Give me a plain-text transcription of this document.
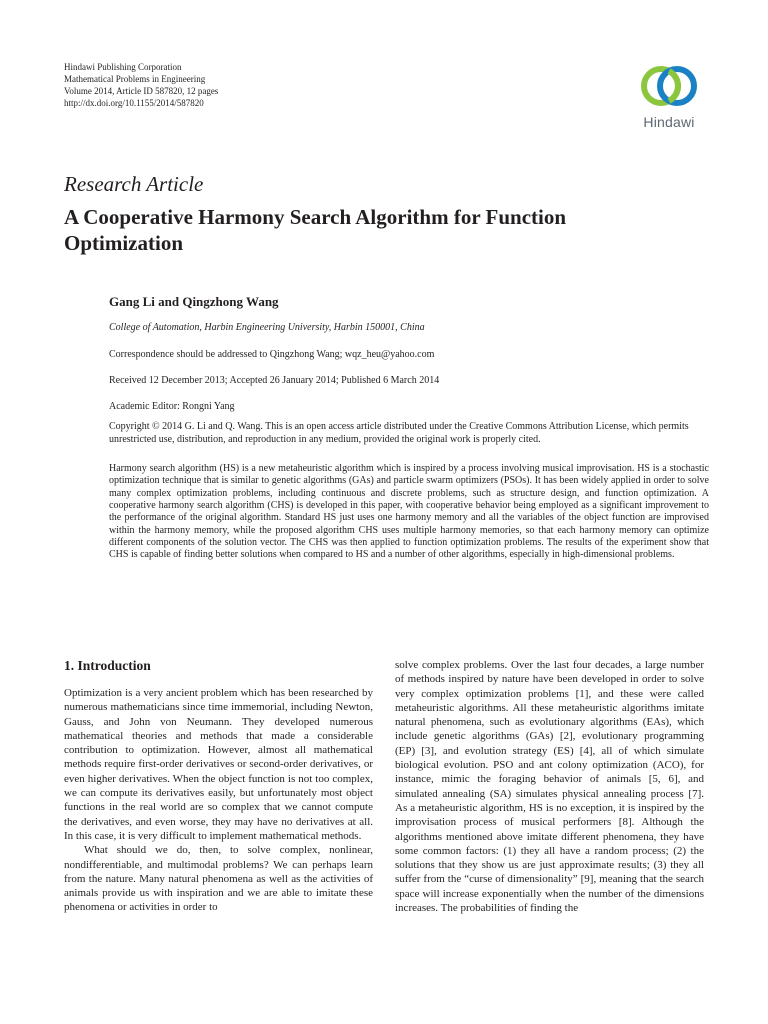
Hindawi Publishing Corporation
Mathematical Problems in Engineering
Volume 2014, Article ID 587820, 12 pages
http://dx.doi.org/10.1155/2014/587820
Hindawi
Research Article
A Cooperative Harmony Search Algorithm for Function Optimization
Gang Li and Qingzhong Wang
College of Automation, Harbin Engineering University, Harbin 150001, China
Correspondence should be addressed to Qingzhong Wang; wqz_heu@yahoo.com
Received 12 December 2013; Accepted 26 January 2014; Published 6 March 2014
Academic Editor: Rongni Yang

Copyright © 2014 G. Li and Q. Wang. This is an open access article distributed under the Creative Commons Attribution License, which permits unrestricted use, distribution, and reproduction in any medium, provided the original work is properly cited.

Harmony search algorithm (HS) is a new metaheuristic algorithm which is inspired by a process involving musical improvisation. HS is a stochastic optimization technique that is similar to genetic algorithms (GAs) and particle swarm optimizers (PSOs). It has been widely applied in order to solve many complex optimization problems, including continuous and discrete problems, such as structure design, and function optimization. A cooperative harmony search algorithm (CHS) is developed in this paper, with cooperative behavior being employed as a significant improvement to the performance of the original algorithm. Standard HS just uses one harmony memory and all the variables of the object function are improvised within the harmony memory, while the proposed algorithm CHS uses multiple harmony memories, so that each harmony memory can optimize different components of the solution vector. The CHS was then applied to function optimization problems. The results of the experiment show that CHS is capable of finding better solutions when compared to HS and a number of other algorithms, especially in high-dimensional problems.

1. Introduction

Optimization is a very ancient problem which has been researched by numerous mathematicians since time immemorial, including Newton, Gauss, and John von Neumann. They developed numerous mathematical theories and methods that made a considerable contribution to optimization. However, almost all mathematical methods require first-order derivatives or second-order derivatives, or even higher derivatives. When the object function is not too complex, we can compute its derivatives easily, but unfortunately most object functions in the real world are so complex that we cannot compute the derivatives, and even worse, they may have no derivatives at all. In this case, it is very difficult to implement mathematical methods.

What should we do, then, to solve complex, nonlinear, nondifferentiable, and multimodal problems? We can perhaps learn from the nature. Many natural phenomena as well as the activities of animals provide us with inspiration and we are able to imitate these phenomena or activities in order to

solve complex problems. Over the last four decades, a large number of methods inspired by nature have been developed in order to solve very complex optimization problems [1], and these were called metaheuristic algorithms. All these metaheuristic algorithms imitate natural phenomena, such as evolutionary algorithms (EAs), which include genetic algorithms (GAs) [2], evolutionary programming (EP) [3], and evolution strategy (ES) [4], all of which simulate biological evolution. PSO and ant colony optimization (ACO), for instance, mimic the foraging behavior of animals [5, 6], and simulated annealing (SA) simulates physical annealing process [7]. As a metaheuristic algorithm, HS is no exception, it is inspired by the improvisation process of musical performers [8]. Although the algorithms mentioned above imitate different phenomena, they have some common factors: (1) they all have a random process; (2) the solutions that they show us are just approximate results; (3) they all suffer from the “curse of dimensionality” [9], meaning that the search space will increase exponentially when the number of the dimensions increases. The probabilities of finding the
